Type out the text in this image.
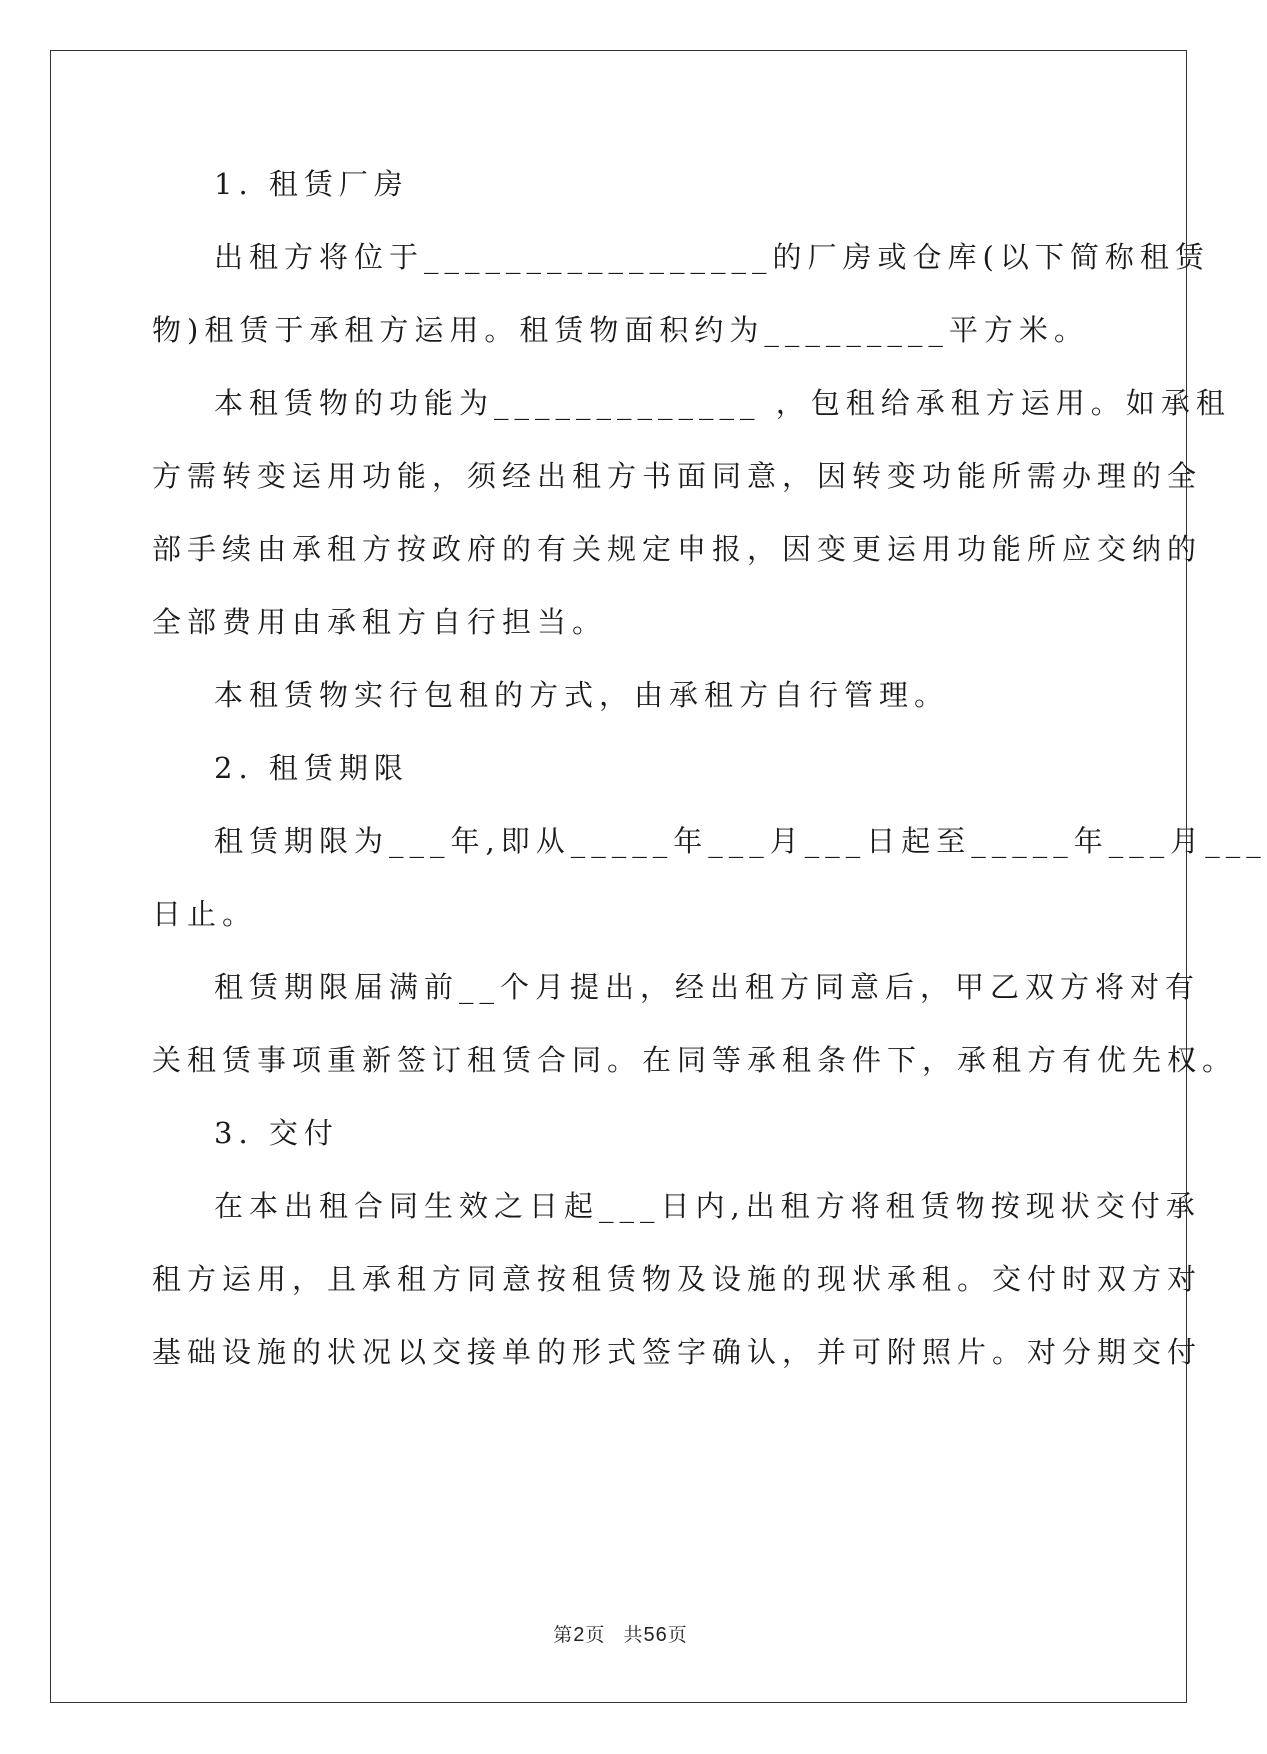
1. 租赁厂房
出租方将位于_________________的厂房或仓库(以下简称租赁
物)租赁于承租方运用。租赁物面积约为_________平方米。
本租赁物的功能为_____________ ，包租给承租方运用。如承租
方需转变运用功能，须经出租方书面同意，因转变功能所需办理的全
部手续由承租方按政府的有关规定申报，因变更运用功能所应交纳的
全部费用由承租方自行担当。
本租赁物实行包租的方式，由承租方自行管理。
2. 租赁期限
租赁期限为___年,即从_____年___月___日起至_____年___月___
日止。
租赁期限届满前__个月提出，经出租方同意后，甲乙双方将对有
关租赁事项重新签订租赁合同。在同等承租条件下，承租方有优先权。
3. 交付
在本出租合同生效之日起___日内,出租方将租赁物按现状交付承
租方运用，且承租方同意按租赁物及设施的现状承租。交付时双方对
基础设施的状况以交接单的形式签字确认，并可附照片。对分期交付
第2页 共56页
